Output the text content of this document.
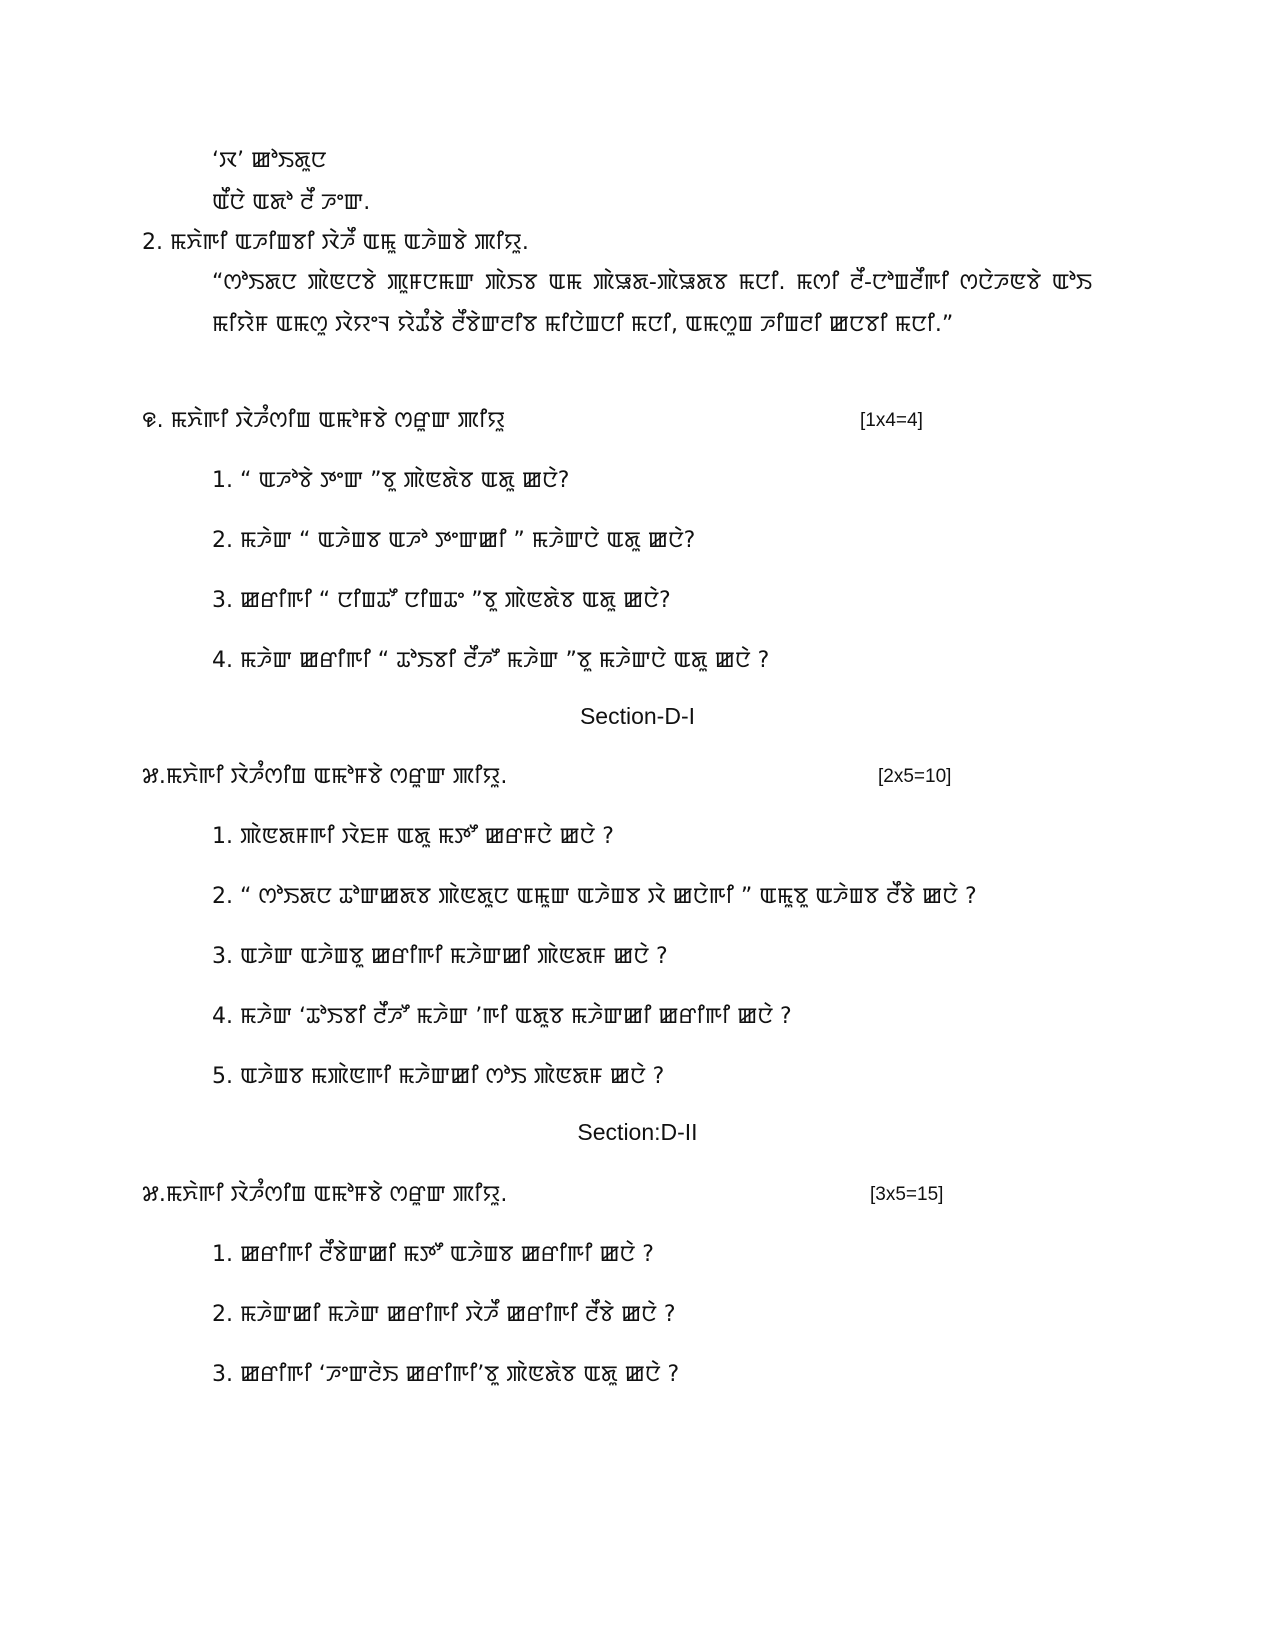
‘ꯋ’ ꯀꯣꯏꯗꯨꯅ
ꯑꯩꯅꯥ ꯑꯗꯣ ꯂꯩ ꯍꯦꯛ.
2. ꯃꯈꯥꯒꯤ ꯑꯍꯤꯡꯕꯤ ꯋꯥꯍꯩ ꯑꯃꯨ ꯑꯍꯥꯡꯕꯥ ꯄꯤꯌꯨ.
“ꯁꯣꯏꯗꯅ ꯄꯥꯟꯅꯕꯥ ꯄꯨꯝꯅꯃꯛ ꯄꯥꯏꯕ ꯑꯃ ꯄꯥꯎꯗ-ꯄꯥꯎꯗꯕ ꯃꯅꯤ. ꯃꯁꯤ ꯂꯩ-ꯅꯣꯡꯂꯩꯒꯤ ꯁꯅꯥꯍꯟꯕꯥ ꯑꯣꯏ ꯃꯤꯌꯥꯝ ꯑꯃꯁꯨ ꯋꯥꯌꯦꯜ ꯌꯥꯊꯪꯕꯥ ꯂꯩꯕꯥꯛꯂꯤꯕ ꯃꯤꯅꯥꯡꯅꯤ ꯃꯅꯤ, ꯑꯃꯁꯨꯡ ꯍꯤꯡꯂꯤ ꯀꯅꯕꯤ ꯃꯅꯤ.”
꯶. ꯃꯈꯥꯒꯤ ꯋꯥꯍꯪꯁꯤꯡ ꯑꯃꯣꯝꯕꯥ ꯁꯔꯨꯛ ꯄꯤꯌꯨ	[1x4=4]
1. “ ꯑꯍꯣꯕꯥ ꯇꯦꯛ ”ꯕꯨ ꯄꯥꯟꯗꯥꯕ ꯑꯗꯨ ꯀꯅꯥ?
2. ꯃꯍꯥꯛ “ ꯑꯍꯥꯡꯕ ꯑꯍꯣ ꯇꯦꯛꯀꯤ ” ꯃꯍꯥꯛꯅꯥ ꯑꯗꯨ ꯀꯅꯥ?
3. ꯀꯔꯤꯒꯤ “ ꯅꯤꯡꯊꯧ ꯅꯤꯡꯊꯦ ”ꯕꯨ ꯄꯥꯟꯗꯥꯕ ꯑꯗꯨ ꯀꯅꯥ?
4. ꯃꯍꯥꯛ ꯀꯔꯤꯒꯤ “ ꯊꯣꯏꯕꯤ ꯂꯩꯍꯧ ꯃꯍꯥꯛ ”ꯕꯨ ꯃꯍꯥꯛꯅꯥ ꯑꯗꯨ ꯀꯅꯥ ?
Section-D-I
꯷.ꯃꯈꯥꯒꯤ ꯋꯥꯍꯪꯁꯤꯡ ꯑꯃꯣꯝꯕꯥ ꯁꯔꯨꯛ ꯄꯤꯌꯨ.	[2x5=10]
1. ꯄꯥꯟꯗꯝꯒꯤ ꯋꯥꯐꯝ ꯑꯗꯨ ꯃꯇꯧ ꯀꯔꯝꯅꯥ ꯀꯅꯥ ?
2. “ ꯁꯣꯏꯗꯅ ꯊꯣꯛꯀꯗꯕ ꯄꯥꯟꯗꯨꯅ ꯑꯃꯨꯛ ꯑꯍꯥꯡꯕ ꯋꯥ ꯀꯅꯥꯒꯤ ” ꯑꯃꯨꯕꯨ ꯑꯍꯥꯡꯕ ꯂꯩꯕꯥ ꯀꯅꯥ ?
3. ꯑꯍꯥꯛ ꯑꯍꯥꯡꯕꯨ ꯀꯔꯤꯒꯤ ꯃꯍꯥꯛꯀꯤ ꯄꯥꯟꯗꯝ ꯀꯅꯥ ?
4. ꯃꯍꯥꯛ ‘ꯊꯣꯏꯕꯤ ꯂꯩꯍꯧ ꯃꯍꯥꯛ ’ꯒꯤ ꯑꯗꯨꯕ ꯃꯍꯥꯛꯀꯤ ꯀꯔꯤꯒꯤ ꯀꯅꯥ ?
5. ꯑꯍꯥꯡꯕ ꯃꯄꯥꯟꯒꯤ ꯃꯍꯥꯛꯀꯤ ꯁꯣꯏ ꯄꯥꯟꯗꯝ ꯀꯅꯥ ?
Section:D-II
꯷.ꯃꯈꯥꯒꯤ ꯋꯥꯍꯪꯁꯤꯡ ꯑꯃꯣꯝꯕꯥ ꯁꯔꯨꯛ ꯄꯤꯌꯨ.	[3x5=15]
1. ꯀꯔꯤꯒꯤ ꯂꯩꯕꯥꯛꯀꯤ ꯃꯇꯧ ꯑꯍꯥꯡꯕ ꯀꯔꯤꯒꯤ ꯀꯅꯥ ?
2. ꯃꯍꯥꯛꯀꯤ ꯃꯍꯥꯛ ꯀꯔꯤꯒꯤ ꯋꯥꯍꯩ ꯀꯔꯤꯒꯤ ꯂꯩꯕꯥ ꯀꯅꯥ ?
3. ꯀꯔꯤꯒꯤ ‘ꯍꯦꯛꯂꯥꯏ ꯀꯔꯤꯒꯤ’ꯕꯨ ꯄꯥꯟꯗꯥꯕ ꯑꯗꯨ ꯀꯅꯥ ?
